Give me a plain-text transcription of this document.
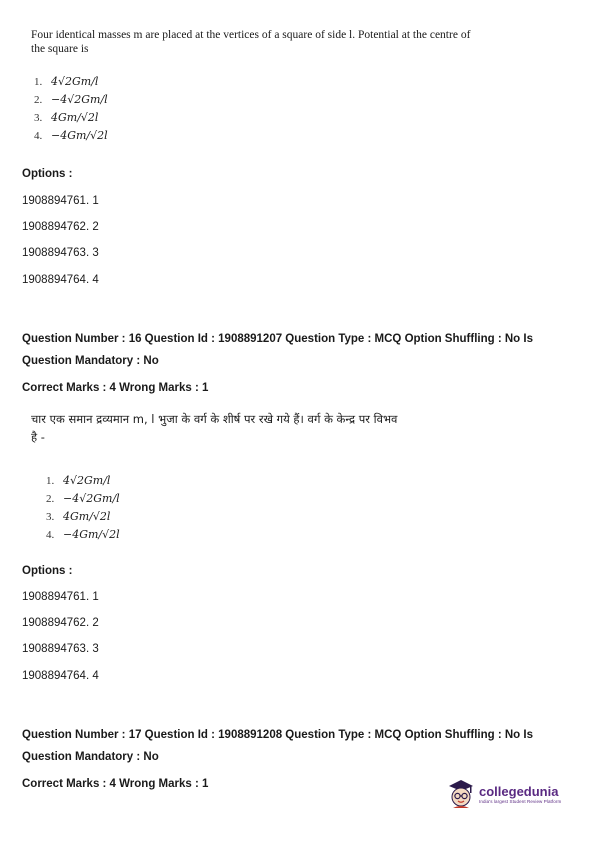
Four identical masses m are placed at the vertices of a square of side l. Potential at the centre of
the square is
1. 4√2Gm/l
2. −4√2Gm/l
3. 4Gm/√2l
4. −4Gm/√2l
Options :
1908894761. 1
1908894762. 2
1908894763. 3
1908894764. 4
Question Number : 16 Question Id : 1908891207 Question Type : MCQ Option Shuffling : No Is
Question Mandatory : No
Correct Marks : 4 Wrong Marks : 1
चार एक समान द्रव्यमान m, l भुजा के वर्ग के शीर्ष पर रखे गये हैं। वर्ग के केन्द्र पर विभव
है -
1. 4√2Gm/l
2. −4√2Gm/l
3. 4Gm/√2l
4. −4Gm/√2l
Options :
1908894761. 1
1908894762. 2
1908894763. 3
1908894764. 4
Question Number : 17 Question Id : 1908891208 Question Type : MCQ Option Shuffling : No Is
Question Mandatory : No
Correct Marks : 4 Wrong Marks : 1	collegedunia
India's largest Student Review Platform
